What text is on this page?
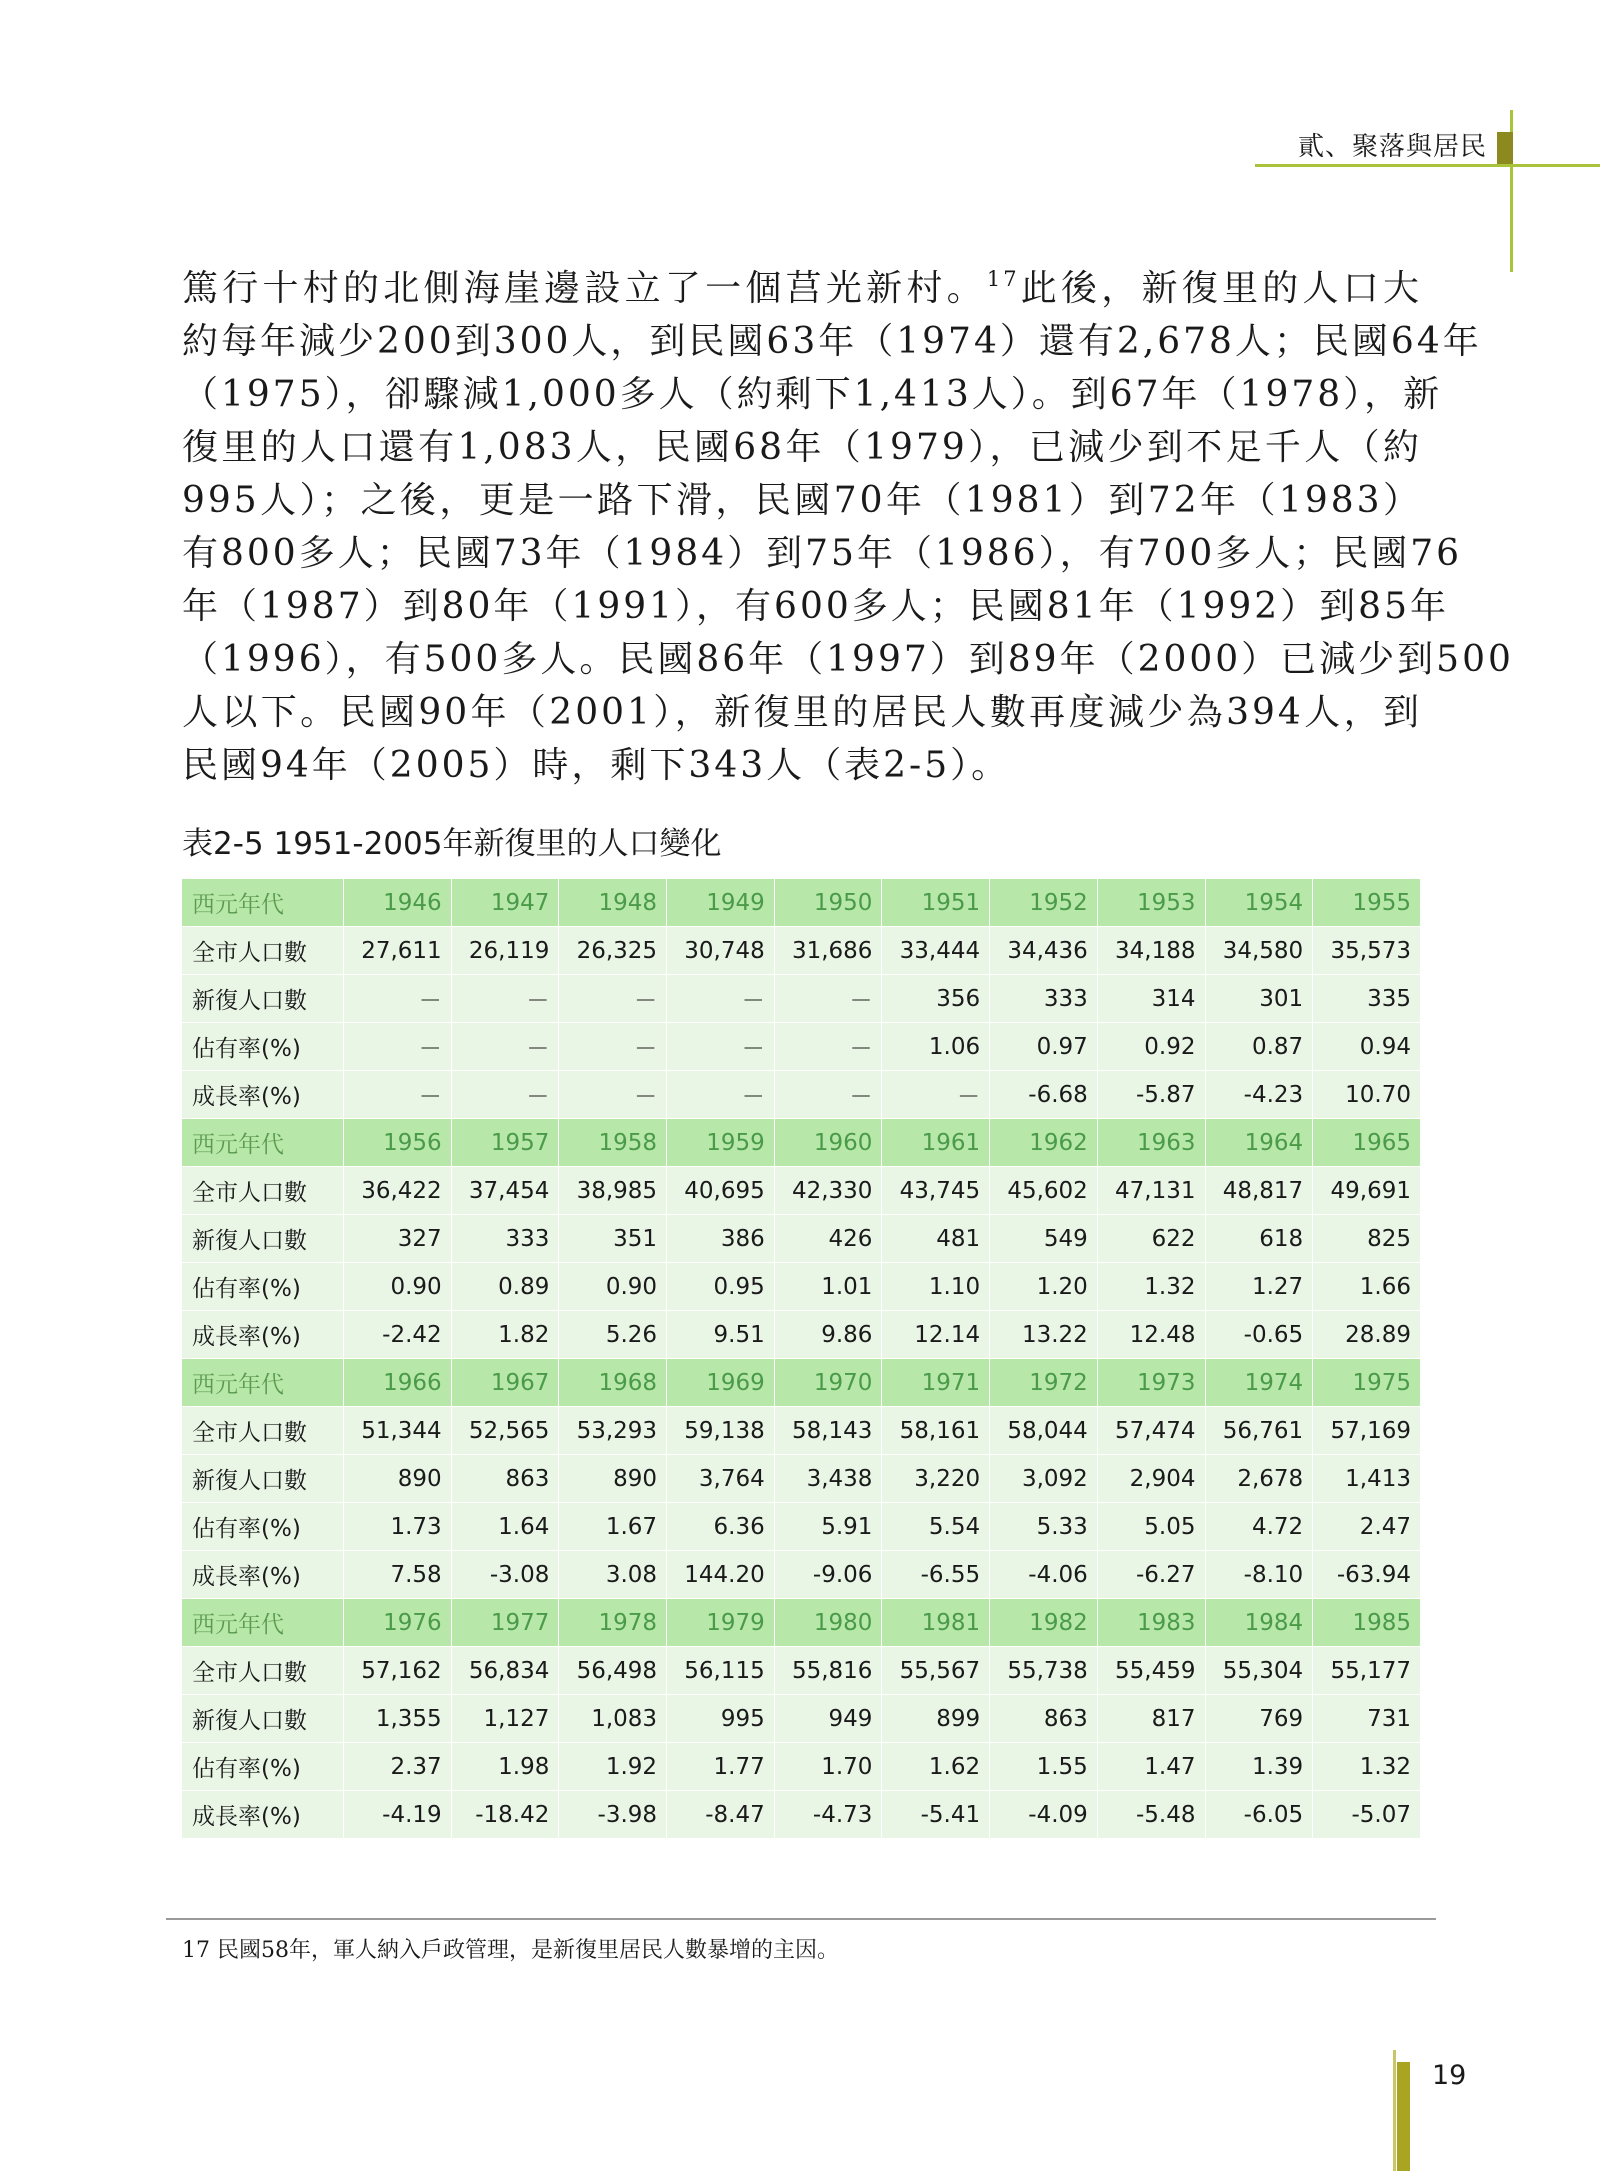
貳、聚落與居民
篤行十村的北側海崖邊設立了一個莒光新村。$^{17}$此後，新復里的人口大
約每年減少200到300人，到民國63年（1974）還有2,678人；民國64年
（1975），卻驟減1,000多人（約剩下1,413人）。到67年（1978），新
復里的人口還有1,083人，民國68年（1979），已減少到不足千人（約
995人）；之後，更是一路下滑，民國70年（1981）到72年（1983）
有800多人；民國73年（1984）到75年（1986），有700多人；民國76
年（1987）到80年（1991），有600多人；民國81年（1992）到85年
（1996），有500多人。民國86年（1997）到89年（2000）已減少到500
人以下。民國90年（2001），新復里的居民人數再度減少為394人，到
民國94年（2005）時，剩下343人（表2-5）。
表2-5 1951-2005年新復里的人口變化
西元年代	1946	1947	1948	1949	1950	1951	1952	1953	1954	1955
全市人口數	27,611	26,119	26,325	30,748	31,686	33,444	34,436	34,188	34,580	35,573
新復人口數	－	－	－	－	－	356	333	314	301	335
佔有率(%)	－	－	－	－	－	1.06	0.97	0.92	0.87	0.94
成長率(%)	－	－	－	－	－	－	-6.68	-5.87	-4.23	10.70
西元年代	1956	1957	1958	1959	1960	1961	1962	1963	1964	1965
全市人口數	36,422	37,454	38,985	40,695	42,330	43,745	45,602	47,131	48,817	49,691
新復人口數	327	333	351	386	426	481	549	622	618	825
佔有率(%)	0.90	0.89	0.90	0.95	1.01	1.10	1.20	1.32	1.27	1.66
成長率(%)	-2.42	1.82	5.26	9.51	9.86	12.14	13.22	12.48	-0.65	28.89
西元年代	1966	1967	1968	1969	1970	1971	1972	1973	1974	1975
全市人口數	51,344	52,565	53,293	59,138	58,143	58,161	58,044	57,474	56,761	57,169
新復人口數	890	863	890	3,764	3,438	3,220	3,092	2,904	2,678	1,413
佔有率(%)	1.73	1.64	1.67	6.36	5.91	5.54	5.33	5.05	4.72	2.47
成長率(%)	7.58	-3.08	3.08	144.20	-9.06	-6.55	-4.06	-6.27	-8.10	-63.94
西元年代	1976	1977	1978	1979	1980	1981	1982	1983	1984	1985
全市人口數	57,162	56,834	56,498	56,115	55,816	55,567	55,738	55,459	55,304	55,177
新復人口數	1,355	1,127	1,083	995	949	899	863	817	769	731
佔有率(%)	2.37	1.98	1.92	1.77	1.70	1.62	1.55	1.47	1.39	1.32
成長率(%)	-4.19	-18.42	-3.98	-8.47	-4.73	-5.41	-4.09	-5.48	-6.05	-5.07
17 民國58年，軍人納入戶政管理，是新復里居民人數暴增的主因。
19
